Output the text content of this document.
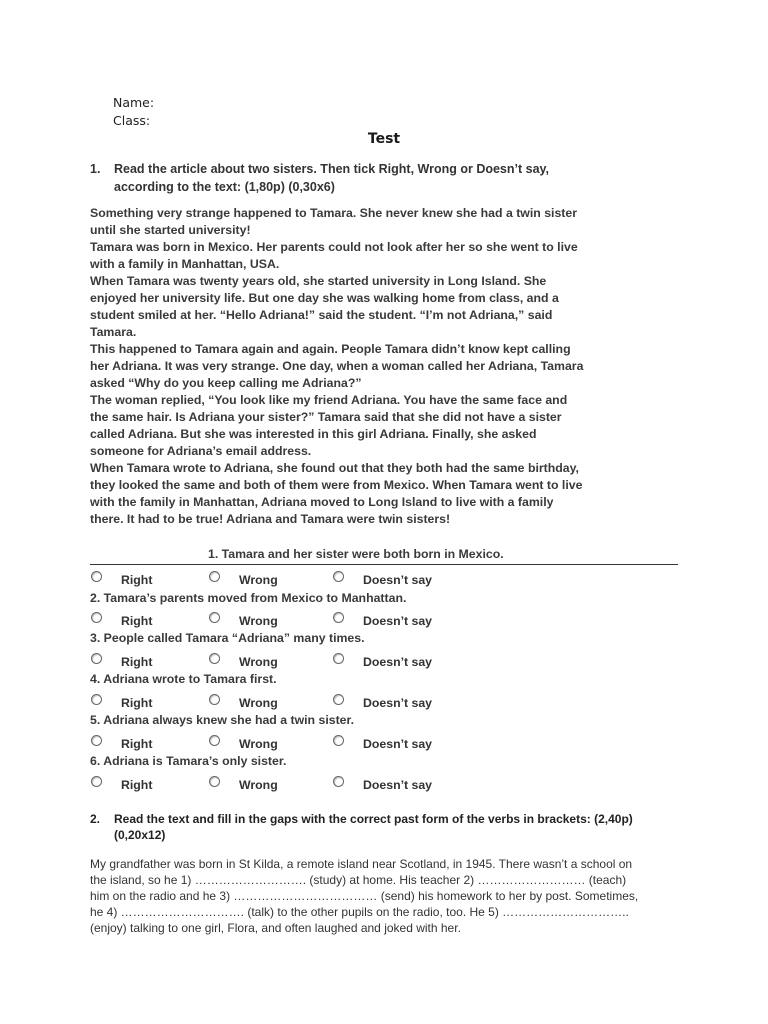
Name:
Class:
Test
1. Read the article about two sisters. Then tick Right, Wrong or Doesn’t say,
according to the text: (1,80p) (0,30x6)

Something very strange happened to Tamara. She never knew she had a twin sister

until she started university!

Tamara was born in Mexico. Her parents could not look after her so she went to live

with a family in Manhattan, USA.

When Tamara was twenty years old, she started university in Long Island. She

enjoyed her university life. But one day she was walking home from class, and a

student smiled at her. “Hello Adriana!” said the student. “I’m not Adriana,” said

Tamara.

This happened to Tamara again and again. People Tamara didn’t know kept calling

her Adriana. It was very strange. One day, when a woman called her Adriana, Tamara

asked “Why do you keep calling me Adriana?”

The woman replied, “You look like my friend Adriana. You have the same face and

the same hair. Is Adriana your sister?” Tamara said that she did not have a sister

called Adriana. But she was interested in this girl Adriana. Finally, she asked

someone for Adriana’s email address.

When Tamara wrote to Adriana, she found out that they both had the same birthday,

they looked the same and both of them were from Mexico. When Tamara went to live

with the family in Manhattan, Adriana moved to Long Island to live with a family

there. It had to be true! Adriana and Tamara were twin sisters!

1. Tamara and her sister were both born in Mexico.
Right	Wrong	Doesn’t say
2. Tamara’s parents moved from Mexico to Manhattan.
Right	Wrong	Doesn’t say
3. People called Tamara “Adriana” many times.
Right	Wrong	Doesn’t say
4. Adriana wrote to Tamara first.
Right	Wrong	Doesn’t say
5. Adriana always knew she had a twin sister.
Right	Wrong	Doesn’t say
6. Adriana is Tamara’s only sister.
Right	Wrong	Doesn’t say
2. Read the text and fill in the gaps with the correct past form of the verbs in brackets: (2,40p)
(0,20x12)

My grandfather was born in St Kilda, a remote island near Scotland, in 1945. There wasn’t a school on

the island, so he 1) ………………………. (study) at home. His teacher 2) ……………………… (teach)

him on the radio and he 3) ……………………………… (send) his homework to her by post. Sometimes,

he 4) …………………………. (talk) to the other pupils on the radio, too. He 5) …………………………..

(enjoy) talking to one girl, Flora, and often laughed and joked with her.
